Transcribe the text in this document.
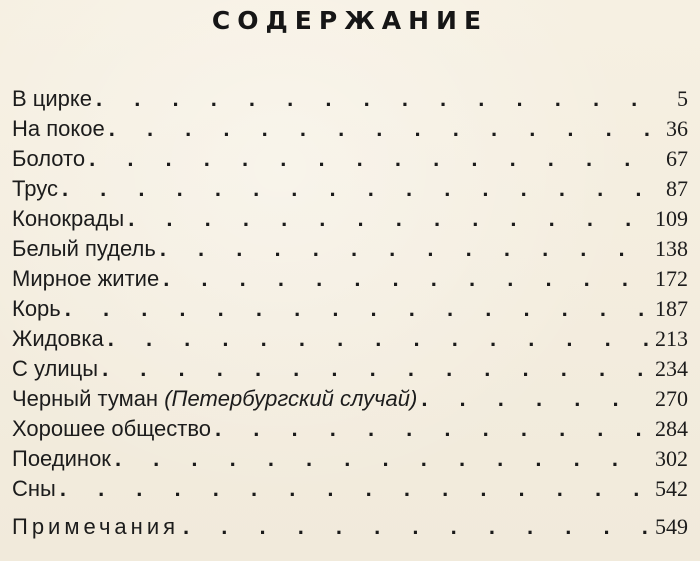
СОДЕРЖАНИЕ
В цирке . . .	5
На покое . . .	36
Болото . . .	67
Трус . . .	87
Конокрады . . .	109
Белый пудель . . .	138
Мирное житие . . .	172
Корь . . .	187
Жидовка . . .	213
С улицы . . .	234
Черный туман (Петербургский случай) . . .	270
Хорошее общество . . .	284
Поединок . . .	302
Сны . . .	542
Примечания . . .	549
